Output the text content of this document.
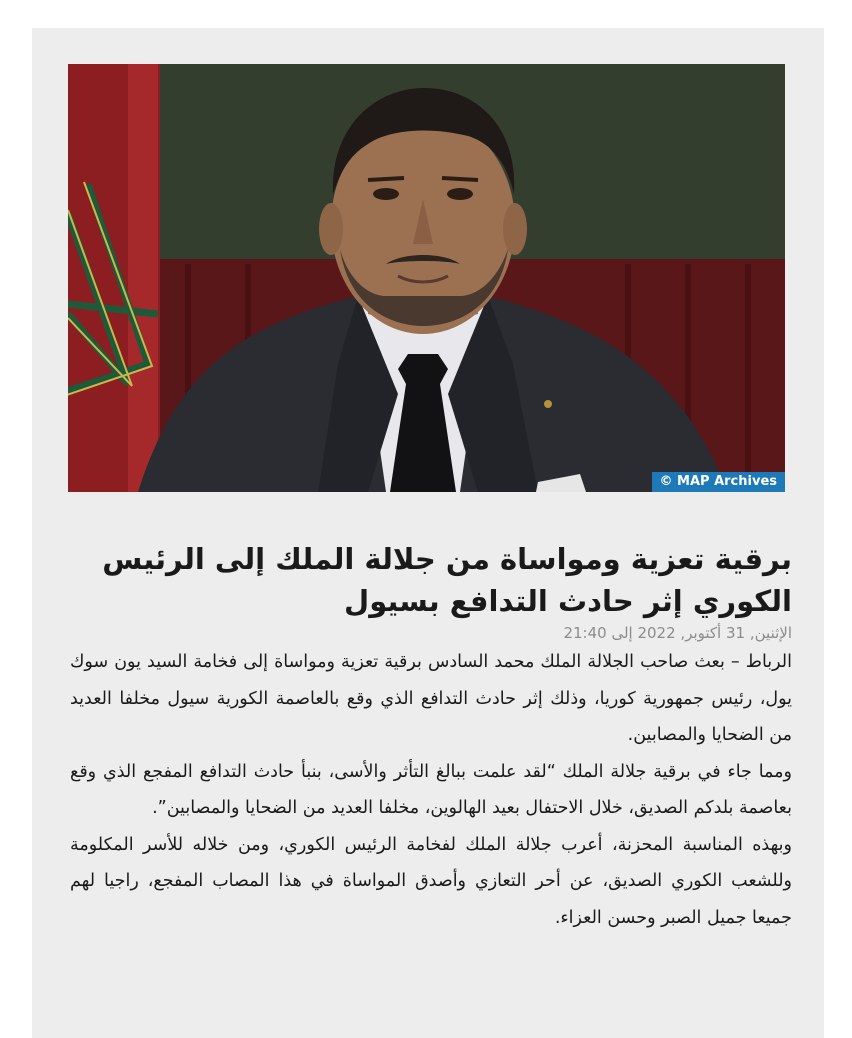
© MAP Archives
برقية تعزية ومواساة من جلالة الملك إلى الرئيس الكوري إثر حادث التدافع بسيول
الإثنين, 31 أكتوبر, 2022 إلى 21:40

الرباط – بعث صاحب الجلالة الملك محمد السادس برقية تعزية ومواساة إلى فخامة السيد يون سوك يول، رئيس جمهورية كوريا، وذلك إثر حادث التدافع الذي وقع بالعاصمة الكورية سيول مخلفا العديد من الضحايا والمصابين.

ومما جاء في برقية جلالة الملك “لقد علمت ببالغ التأثر والأسى، بنبأ حادث التدافع المفجع الذي وقع بعاصمة بلدكم الصديق، خلال الاحتفال بعيد الهالوين، مخلفا العديد من الضحايا والمصابين”.

وبهذه المناسبة المحزنة، أعرب جلالة الملك لفخامة الرئيس الكوري، ومن خلاله للأسر المكلومة وللشعب الكوري الصديق، عن أحر التعازي وأصدق المواساة في هذا المصاب المفجع، راجيا لهم جميعا جميل الصبر وحسن العزاء.
